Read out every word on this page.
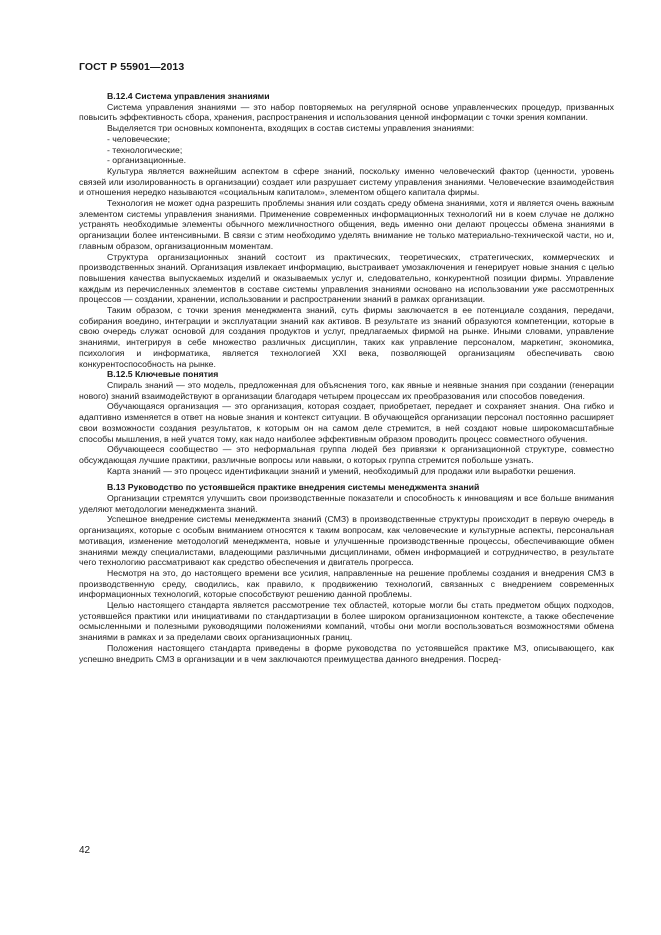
ГОСТ Р 55901—2013

В.12.4 Система управления знаниями

Система управления знаниями — это набор повторяемых на регулярной основе управленческих процедур, призванных повысить эффективность сбора, хранения, распространения и использования ценной информации с точки зрения компании.

Выделяется три основных компонента, входящих в состав системы управления знаниями:

- человеческие;

- технологические;

- организационные.

Культура является важнейшим аспектом в сфере знаний, поскольку именно человеческий фактор (ценности, уровень связей или изолированность в организации) создает или разрушает систему управления знаниями. Человеческие взаимодействия и отношения нередко называются «социальным капиталом», элементом общего капитала фирмы.

Технология не может одна разрешить проблемы знания или создать среду обмена знаниями, хотя и является очень важным элементом системы управления знаниями. Применение современных информационных технологий ни в коем случае не должно устранять необходимые элементы обычного межличностного общения, ведь именно они делают процессы обмена знаниями в организации более интенсивными. В связи с этим необходимо уделять внимание не только материально-технической части, но и, главным образом, организационным моментам.

Структура организационных знаний состоит из практических, теоретических, стратегических, коммерческих и производственных знаний. Организация извлекает информацию, выстраивает умозаключения и генерирует новые знания с целью повышения качества выпускаемых изделий и оказываемых услуг и, следовательно, конкурентной позиции фирмы. Управление каждым из перечисленных элементов в составе системы управления знаниями основано на использовании уже рассмотренных процессов — создании, хранении, использовании и распространении знаний в рамках организации.

Таким образом, с точки зрения менеджмента знаний, суть фирмы заключается в ее потенциале создания, передачи, собирания воедино, интеграции и эксплуатации знаний как активов. В результате из знаний образуются компетенции, которые в свою очередь служат основой для создания продуктов и услуг, предлагаемых фирмой на рынке. Иными словами, управление знаниями, интегрируя в себе множество различных дисциплин, таких как управление персоналом, маркетинг, экономика, психология и информатика, является технологией XXI века, позволяющей организациям обеспечивать свою конкурентоспособность на рынке.

В.12.5 Ключевые понятия

Спираль знаний — это модель, предложенная для объяснения того, как явные и неявные знания при создании (генерации нового) знаний взаимодействуют в организации благодаря четырем процессам их преобразования или способов поведения.

Обучающаяся организация — это организация, которая создает, приобретает, передает и сохраняет знания. Она гибко и адаптивно изменяется в ответ на новые знания и контекст ситуации. В обучающейся организации персонал постоянно расширяет свои возможности создания результатов, к которым он на самом деле стремится, в ней создают новые широкомасштабные способы мышления, в ней учатся тому, как надо наиболее эффективным образом проводить процесс совместного обучения.

Обучающееся сообщество — это неформальная группа людей без привязки к организационной структуре, совместно обсуждающая лучшие практики, различные вопросы или навыки, о которых группа стремится побольше узнать.

Карта знаний — это процесс идентификации знаний и умений, необходимый для продажи или выработки решения.

В.13 Руководство по устоявшейся практике внедрения системы менеджмента знаний

Организации стремятся улучшить свои производственные показатели и способность к инновациям и все больше внимания уделяют методологии менеджмента знаний.

Успешное внедрение системы менеджмента знаний (СМЗ) в производственные структуры происходит в первую очередь в организациях, которые с особым вниманием относятся к таким вопросам, как человеческие и культурные аспекты, персональная мотивация, изменение методологий менеджмента, новые и улучшенные производственные процессы, обеспечивающие обмен знаниями между специалистами, владеющими различными дисциплинами, обмен информацией и сотрудничество, в результате чего технологию рассматривают как средство обеспечения и двигатель прогресса.

Несмотря на это, до настоящего времени все усилия, направленные на решение проблемы создания и внедрения СМЗ в производственную среду, сводились, как правило, к продвижению технологий, связанных с внедрением современных информационных технологий, которые способствуют решению данной проблемы.

Целью настоящего стандарта является рассмотрение тех областей, которые могли бы стать предметом общих подходов, устоявшейся практики или инициативами по стандартизации в более широком организационном контексте, а также обеспечение осмысленными и полезными руководящими положениями компаний, чтобы они могли воспользоваться возможностями обмена знаниями в рамках и за пределами своих организационных границ.

Положения настоящего стандарта приведены в форме руководства по устоявшейся практике МЗ, описывающего, как успешно внедрить СМЗ в организации и в чем заключаются преимущества данного внедрения. Посред-

42
